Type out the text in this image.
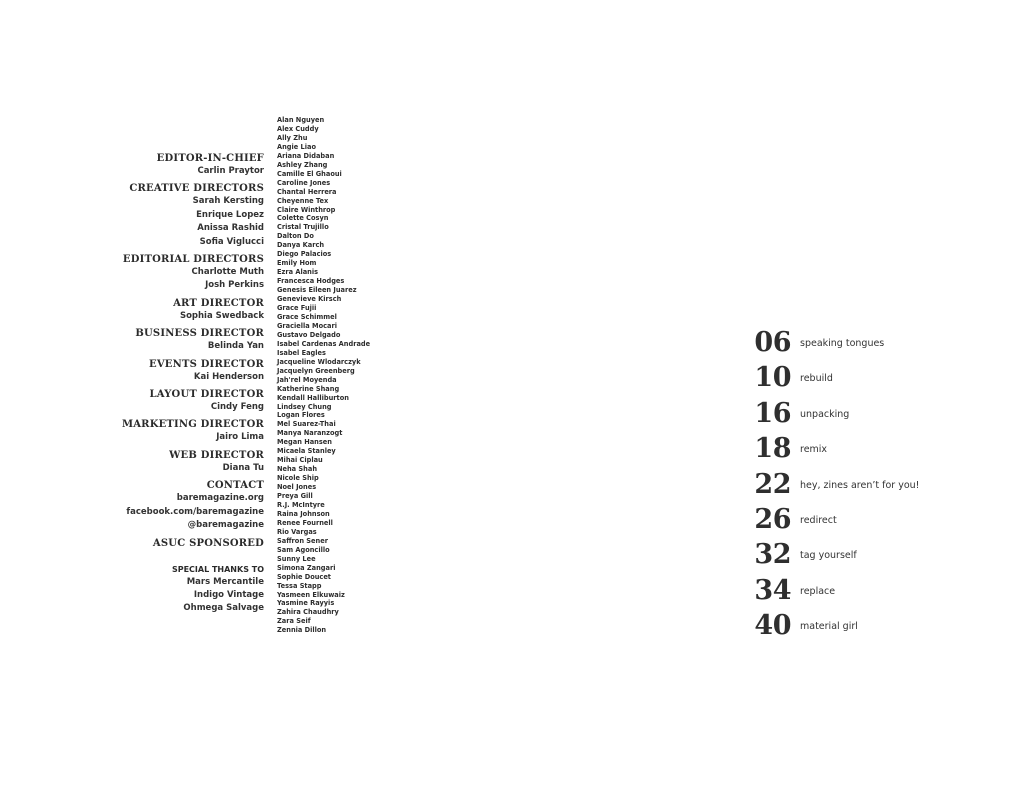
EDITOR-IN-CHIEF
Carlin Praytor
CREATIVE DIRECTORS
Sarah Kersting
Enrique Lopez
Anissa Rashid
Sofia Viglucci
EDITORIAL DIRECTORS
Charlotte Muth
Josh Perkins
ART DIRECTOR
Sophia Swedback
BUSINESS DIRECTOR
Belinda Yan
EVENTS DIRECTOR
Kai Henderson
LAYOUT DIRECTOR
Cindy Feng
MARKETING DIRECTOR
Jairo Lima
WEB DIRECTOR
Diana Tu
CONTACT
baremagazine.org
facebook.com/baremagazine
@baremagazine
ASUC SPONSORED
SPECIAL THANKS TO
Mars Mercantile
Indigo Vintage
Ohmega Salvage
Alan Nguyen
Alex Cuddy
Ally Zhu
Angie Liao
Ariana Didaban
Ashley Zhang
Camille El Ghaoui
Caroline Jones
Chantal Herrera
Cheyenne Tex
Claire Winthrop
Colette Cosyn
Cristal Trujillo
Dalton Do
Danya Karch
Diego Palacios
Emily Hom
Ezra Alanis
Francesca Hodges
Genesis Eileen Juarez
Genevieve Kirsch
Grace Fujii
Grace Schimmel
Graciella Mocari
Gustavo Delgado
Isabel Cardenas Andrade
Isabel Eagles
Jacqueline Wlodarczyk
Jacquelyn Greenberg
Jah'rel Moyenda
Katherine Shang
Kendall Halliburton
Lindsey Chung
Logan Flores
Mel Suarez-Thai
Manya Naranzogt
Megan Hansen
Micaela Stanley
Mihai Ciplau
Neha Shah
Nicole Ship
Noel Jones
Preya Gill
R.J. McIntyre
Raina Johnson
Renee Fournell
Rio Vargas
Saffron Sener
Sam Agoncillo
Sunny Lee
Simona Zangari
Sophie Doucet
Tessa Stapp
Yasmeen Elkuwaiz
Yasmine Rayyis
Zahira Chaudhry
Zara Seif
Zennia Dillon
06 speaking tongues
10 rebuild
16 unpacking
18 remix
22 hey, zines aren’t for you!
26 redirect
32 tag yourself
34 replace
40 material girl
